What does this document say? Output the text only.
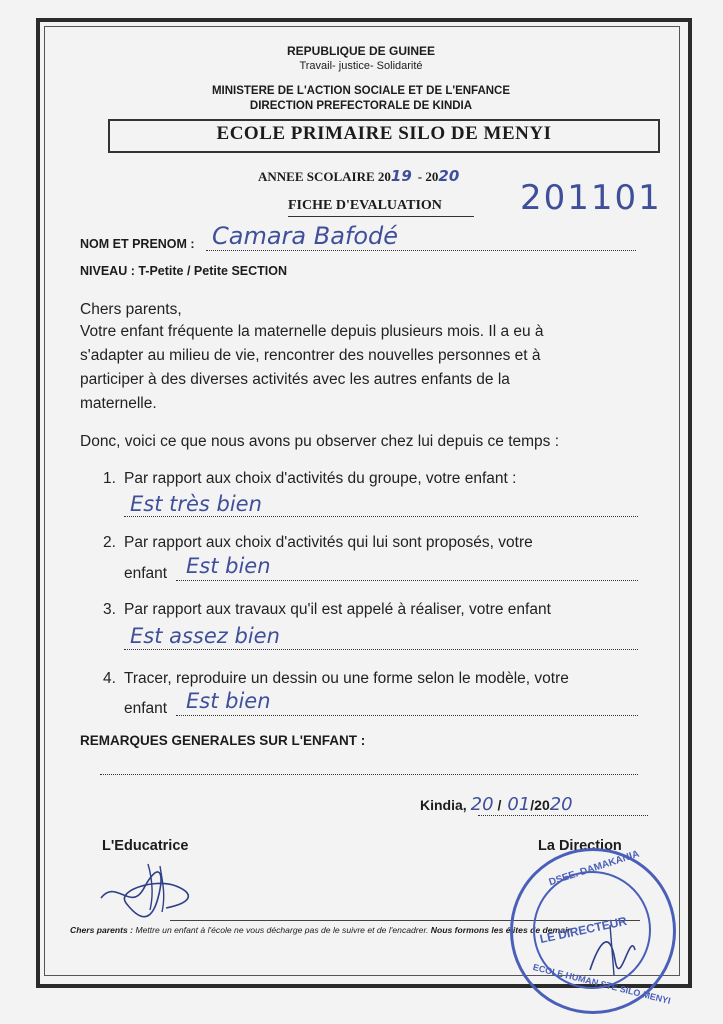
REPUBLIQUE DE GUINEE
Travail- justice- Solidarité
MINISTERE DE L'ACTION SOCIALE ET DE L'ENFANCE
DIRECTION PREFECTORALE DE KINDIA
ECOLE PRIMAIRE SILO DE MENYI
ANNEE SCOLAIRE 2019 - 2020
FICHE D'EVALUATION 201101
NOM ET PRENOM : Camara Bafodé
NIVEAU : T-Petite / Petite SECTION
Chers parents,
Votre enfant fréquente la maternelle depuis plusieurs mois. Il a eu à
s'adapter au milieu de vie, rencontrer des nouvelles personnes et à
participer à des diverses activités avec les autres enfants de la
maternelle.
Donc, voici ce que nous avons pu observer chez lui depuis ce temps :
1. Par rapport aux choix d'activités du groupe, votre enfant :
Est très bien
2. Par rapport aux choix d'activités qui lui sont proposés, votre
enfant Est bien
3. Par rapport aux travaux qu'il est appelé à réaliser, votre enfant
Est assez bien
4. Tracer, reproduire un dessin ou une forme selon le modèle, votre
enfant Est bien
REMARQUES GENERALES SUR L'ENFANT :
Kindia, 20 / 01/2020
L'Educatrice	La Direction
Chers parents : Mettre un enfant à l'école ne vous décharge pas de le suivre et de l'encadrer. Nous formons les élites de demain
DSEE. DAMAKANIA
LE DIRECTEUR
ECOLE HUMAN STE SILO MENYI
